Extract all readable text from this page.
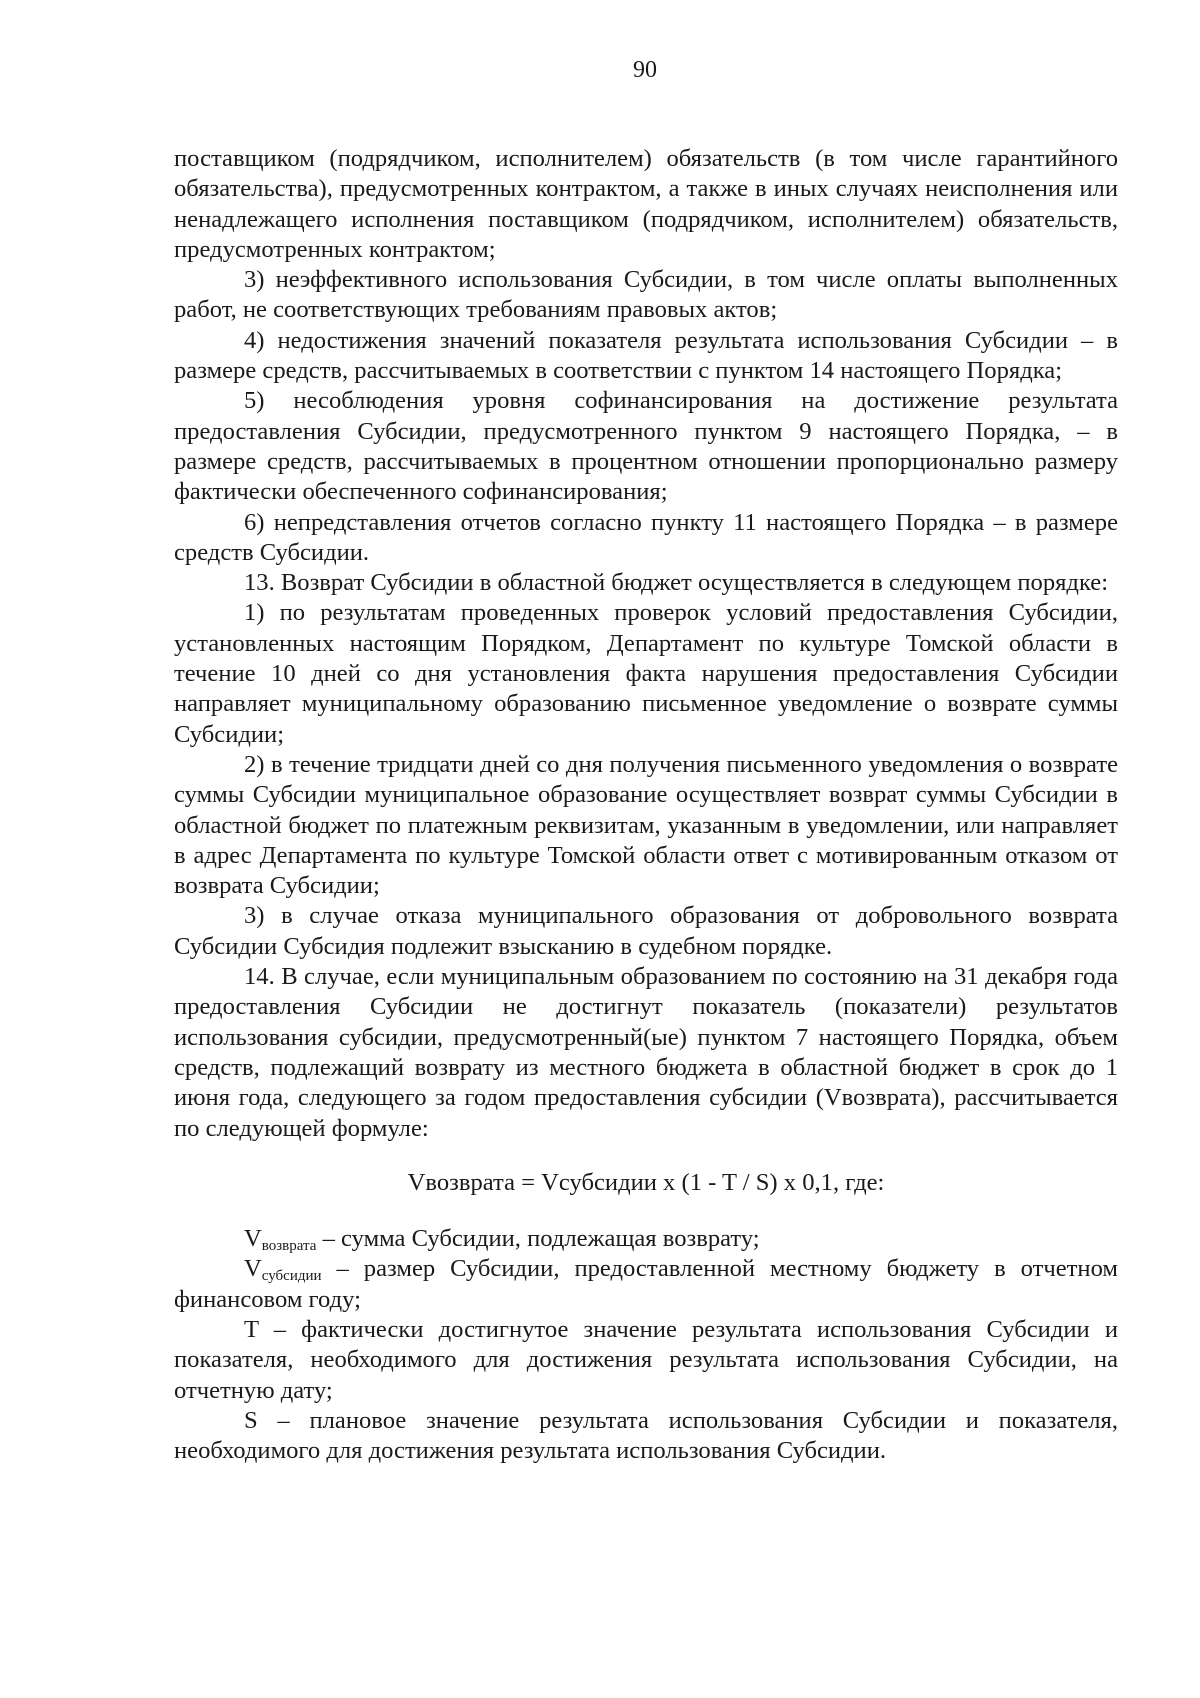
90

поставщиком (подрядчиком, исполнителем) обязательств (в том числе гарантийного обязательства), предусмотренных контрактом, а также в иных случаях неисполнения или ненадлежащего исполнения поставщиком (подрядчиком, исполнителем) обязательств, предусмотренных контрактом;

3) неэффективного использования Субсидии, в том числе оплаты выполненных работ, не соответствующих требованиям правовых актов;

4) недостижения значений показателя результата использования Субсидии – в размере средств, рассчитываемых в соответствии с пунктом 14 настоящего Порядка;

5) несоблюдения уровня софинансирования на достижение результата предоставления Субсидии, предусмотренного пунктом 9 настоящего Порядка, – в размере средств, рассчитываемых в процентном отношении пропорционально размеру фактически обеспеченного софинансирования;

6) непредставления отчетов согласно пункту 11 настоящего Порядка – в размере средств Субсидии.

13. Возврат Субсидии в областной бюджет осуществляется в следующем порядке:

1) по результатам проведенных проверок условий предоставления Субсидии, установленных настоящим Порядком, Департамент по культуре Томской области в течение 10 дней со дня установления факта нарушения предоставления Субсидии направляет муниципальному образованию письменное уведомление о возврате суммы Субсидии;

2) в течение тридцати дней со дня получения письменного уведомления о возврате суммы Субсидии муниципальное образование осуществляет возврат суммы Субсидии в областной бюджет по платежным реквизитам, указанным в уведомлении, или направляет в адрес Департамента по культуре Томской области ответ с мотивированным отказом от возврата Субсидии;

3) в случае отказа муниципального образования от добровольного возврата Субсидии Субсидия подлежит взысканию в судебном порядке.

14. В случае, если муниципальным образованием по состоянию на 31 декабря года предоставления Субсидии не достигнут показатель (показатели) результатов использования субсидии, предусмотренный(ые) пунктом 7 настоящего Порядка, объем средств, подлежащий возврату из местного бюджета в областной бюджет в срок до 1 июня года, следующего за годом предоставления субсидии (Vвозврата), рассчитывается по следующей формуле:

Vвозврата = Vсубсидии x (1 - T / S) x 0,1, где:

$V_{возврата}$ – сумма Субсидии, подлежащая возврату;

$V_{субсидии}$ – размер Субсидии, предоставленной местному бюджету в отчетном финансовом году;

T – фактически достигнутое значение результата использования Субсидии и показателя, необходимого для достижения результата использования Субсидии, на отчетную дату;

S – плановое значение результата использования Субсидии и показателя, необходимого для достижения результата использования Субсидии.
